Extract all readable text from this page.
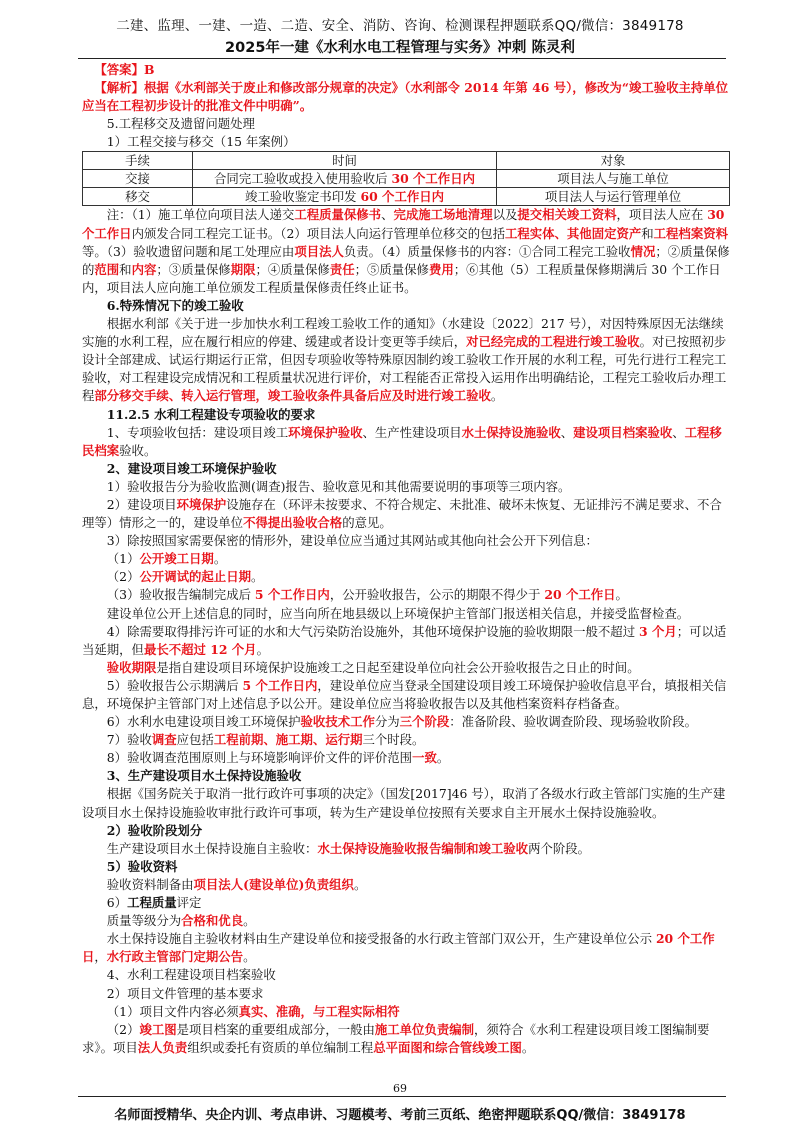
二建、监理、一建、一造、二造、安全、消防、咨询、检测课程押题联系QQ/微信：3849178
2025年一建《水利水电工程管理与实务》冲刺 陈灵利

【答案】B

【解析】根据《水利部关于废止和修改部分规章的决定》（水利部令 2014 年第 46 号），修改为“竣工验收主持单位应当在工程初步设计的批准文件中明确”。

5.工程移交及遗留问题处理

1）工程交接与移交（15 年案例）

手续	时间	对象
交接	合同完工验收或投入使用验收后 30 个工作日内	项目法人与施工单位
移交	竣工验收鉴定书印发 60 个工作日内	项目法人与运行管理单位

注：（1）施工单位向项目法人递交工程质量保修书、完成施工场地清理以及提交相关竣工资料，项目法人应在 30 个工作日内颁发合同工程完工证书。（2）项目法人向运行管理单位移交的包括工程实体、其他固定资产和工程档案资料等。（3）验收遗留问题和尾工处理应由项目法人负责。（4）质量保修书的内容：①合同工程完工验收情况；②质量保修的范围和内容；③质量保修期限；④质量保修责任；⑤质量保修费用；⑥其他（5）工程质量保修期满后 30 个工作日内，项目法人应向施工单位颁发工程质量保修责任终止证书。

6.特殊情况下的竣工验收

根据水利部《关于进一步加快水利工程竣工验收工作的通知》（水建设〔2022〕217 号），对因特殊原因无法继续实施的水利工程，应在履行相应的停建、缓建或者设计变更等手续后，对已经完成的工程进行竣工验收。对已按照初步设计全部建成、试运行期运行正常，但因专项验收等特殊原因制约竣工验收工作开展的水利工程，可先行进行工程完工验收，对工程建设完成情况和工程质量状况进行评价，对工程能否正常投入运用作出明确结论，工程完工验收后办理工程部分移交手续、转入运行管理，竣工验收条件具备后应及时进行竣工验收。

11.2.5 水利工程建设专项验收的要求

1、专项验收包括：建设项目竣工环境保护验收、生产性建设项目水土保持设施验收、建设项目档案验收、工程移民档案验收。

2、建设项目竣工环境保护验收

1）验收报告分为验收监测(调查)报告、验收意见和其他需要说明的事项等三项内容。

2）建设项目环境保护设施存在（环评未按要求、不符合规定、未批准、破坏未恢复、无证排污不满足要求、不合理等）情形之一的，建设单位不得提出验收合格的意见。

3）除按照国家需要保密的情形外，建设单位应当通过其网站或其他向社会公开下列信息：

（1）公开竣工日期。

（2）公开调试的起止日期。

（3）验收报告编制完成后 5 个工作日内，公开验收报告，公示的期限不得少于 20 个工作日。

建设单位公开上述信息的同时，应当向所在地县级以上环境保护主管部门报送相关信息，并接受监督检查。

4）除需要取得排污许可证的水和大气污染防治设施外，其他环境保护设施的验收期限一般不超过 3 个月；可以适当延期，但最长不超过 12 个月。

验收期限是指自建设项目环境保护设施竣工之日起至建设单位向社会公开验收报告之日止的时间。

5）验收报告公示期满后 5 个工作日内，建设单位应当登录全国建设项目竣工环境保护验收信息平台，填报相关信息，环境保护主管部门对上述信息予以公开。建设单位应当将验收报告以及其他档案资料存档备查。

6）水利水电建设项目竣工环境保护验收技术工作分为三个阶段：准备阶段、验收调查阶段、现场验收阶段。

7）验收调查应包括工程前期、施工期、运行期三个时段。

8）验收调查范围原则上与环境影响评价文件的评价范围一致。

3、生产建设项目水土保持设施验收

根据《国务院关于取消一批行政许可事项的决定》（国发[2017]46 号），取消了各级水行政主管部门实施的生产建设项目水土保持设施验收审批行政许可事项，转为生产建设单位按照有关要求自主开展水土保持设施验收。

2）验收阶段划分

生产建设项目水土保持设施自主验收：水土保持设施验收报告编制和竣工验收两个阶段。

5）验收资料

验收资料制备由项目法人(建设单位)负责组织。

6）工程质量评定

质量等级分为合格和优良。

水土保持设施自主验收材料由生产建设单位和接受报备的水行政主管部门双公开，生产建设单位公示 20 个工作日，水行政主管部门定期公告。

4、水利工程建设项目档案验收

2）项目文件管理的基本要求

（1）项目文件内容必须真实、准确，与工程实际相符

（2）竣工图是项目档案的重要组成部分，一般由施工单位负责编制，须符合《水利工程建设项目竣工图编制要求》。项目法人负责组织或委托有资质的单位编制工程总平面图和综合管线竣工图。

69
名师面授精华、央企内训、考点串讲、习题模考、考前三页纸、绝密押题联系QQ/微信：3849178
